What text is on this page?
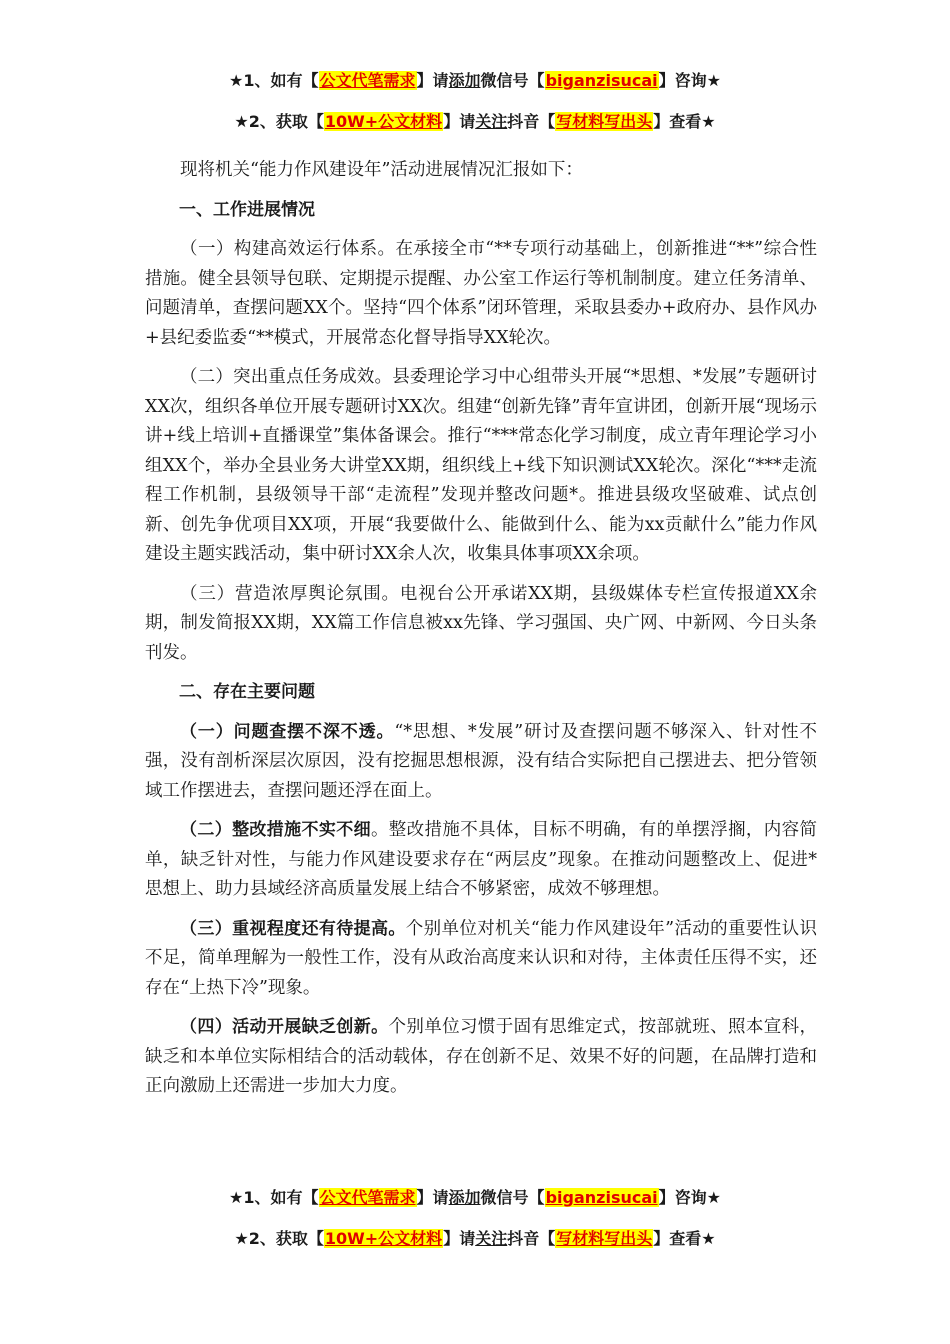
★1、如有【公文代笔需求】请添加微信号【biganzisucai】咨询★
★2、获取【10W+公文材料】请关注抖音【写材料写出头】查看★

现将机关“能力作风建设年”活动进展情况汇报如下：

一、工作进展情况

（一）构建高效运行体系。在承接全市“**专项行动基础上，创新推进“**”综合性措施。健全县领导包联、定期提示提醒、办公室工作运行等机制制度。建立任务清单、问题清单，查摆问题XX个。坚持“四个体系”闭环管理，采取县委办+政府办、县作风办+县纪委监委“**模式，开展常态化督导指导XX轮次。

（二）突出重点任务成效。县委理论学习中心组带头开展“*思想、*发展”专题研讨XX次，组织各单位开展专题研讨XX次。组建“创新先锋”青年宣讲团，创新开展“现场示讲+线上培训+直播课堂”集体备课会。推行“***常态化学习制度，成立青年理论学习小组XX个，举办全县业务大讲堂XX期，组织线上+线下知识测试XX轮次。深化“***走流程工作机制，县级领导干部“走流程”发现并整改问题*。推进县级攻坚破难、试点创新、创先争优项目XX项，开展“我要做什么、能做到什么、能为xx贡献什么”能力作风建设主题实践活动，集中研讨XX余人次，收集具体事项XX余项。

（三）营造浓厚舆论氛围。电视台公开承诺XX期，县级媒体专栏宣传报道XX余期，制发简报XX期，XX篇工作信息被xx先锋、学习强国、央广网、中新网、今日头条刊发。

二、存在主要问题

（一）问题查摆不深不透。“*思想、*发展”研讨及查摆问题不够深入、针对性不强，没有剖析深层次原因，没有挖掘思想根源，没有结合实际把自己摆进去、把分管领域工作摆进去，查摆问题还浮在面上。

（二）整改措施不实不细。整改措施不具体，目标不明确，有的单摆浮搁，内容简单，缺乏针对性，与能力作风建设要求存在“两层皮”现象。在推动问题整改上、促进*思想上、助力县域经济高质量发展上结合不够紧密，成效不够理想。

（三）重视程度还有待提高。个别单位对机关“能力作风建设年”活动的重要性认识不足，简单理解为一般性工作，没有从政治高度来认识和对待，主体责任压得不实，还存在“上热下冷”现象。

（四）活动开展缺乏创新。个别单位习惯于固有思维定式，按部就班、照本宣科，缺乏和本单位实际相结合的活动载体，存在创新不足、效果不好的问题，在品牌打造和正向激励上还需进一步加大力度。

★1、如有【公文代笔需求】请添加微信号【biganzisucai】咨询★
★2、获取【10W+公文材料】请关注抖音【写材料写出头】查看★
